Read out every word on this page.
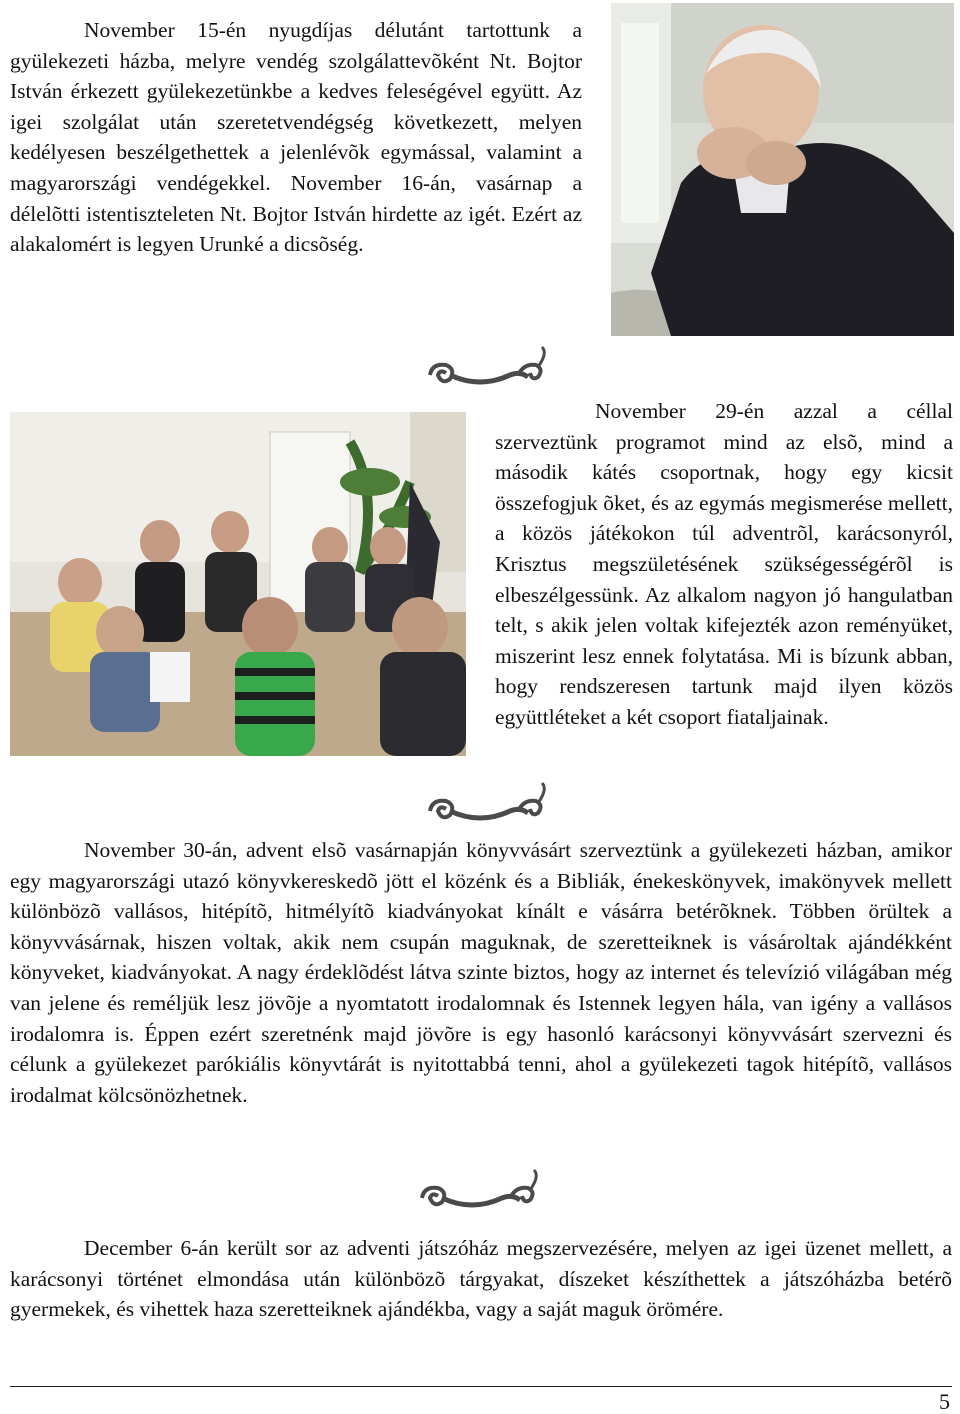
November 15-én nyugdíjas délutánt tartottunk a gyülekezeti házba, melyre vendég szolgálattevõként Nt. Bojtor István érkezett gyülekezetünkbe a kedves feleségével együtt. Az igei szolgálat után szeretetvendégség következett, melyen kedélyesen beszélgethettek a jelenlévõk egymással, valamint a magyarországi vendégekkel. November 16-án, vasárnap a délelõtti istentiszteleten Nt. Bojtor István hirdette az igét. Ezért az alakalomért is legyen Urunké a dicsõség.

November 29-én azzal a céllal szerveztünk programot mind az elsõ, mind a második kátés csoportnak, hogy egy kicsit összefogjuk õket, és az egymás megismerése mellett, a közös játékokon túl adventrõl, karácsonyról, Krisztus megszületésének szükségességérõl is elbeszélgessünk. Az alkalom nagyon jó hangulatban telt, s akik jelen voltak kifejezték azon reményüket, miszerint lesz ennek folytatása. Mi is bízunk abban, hogy rendszeresen tartunk majd ilyen közös együttléteket a két csoport fiataljainak.

November 30-án, advent elsõ vasárnapján könyvvásárt szerveztünk a gyülekezeti házban, amikor egy magyarországi utazó könyvkereskedõ jött el közénk és a Bibliák, énekeskönyvek, imakönyvek mellett különbözõ vallásos, hitépítõ, hitmélyítõ kiadványokat kínált e vásárra betérõknek. Többen örültek a könyvvásárnak, hiszen voltak, akik nem csupán maguknak, de szeretteiknek is vásároltak ajándékként könyveket, kiadványokat. A nagy érdeklõdést látva szinte biztos, hogy az internet és televízió világában még van jelene és reméljük lesz jövõje a nyomtatott irodalomnak és Istennek legyen hála, van igény a vallásos irodalomra is. Éppen ezért szeretnénk majd jövõre is egy hasonló karácsonyi könyvvásárt szervezni és célunk a gyülekezet parókiális könyvtárát is nyitottabbá tenni, ahol a gyülekezeti tagok hitépítõ, vallásos irodalmat kölcsönözhetnek.

December 6-án került sor az adventi játszóház megszervezésére, melyen az igei üzenet mellett, a karácsonyi történet elmondása után különbözõ tárgyakat, díszeket készíthettek a játszóházba betérõ gyermekek, és vihettek haza szeretteiknek ajándékba, vagy a saját maguk örömére.

5
